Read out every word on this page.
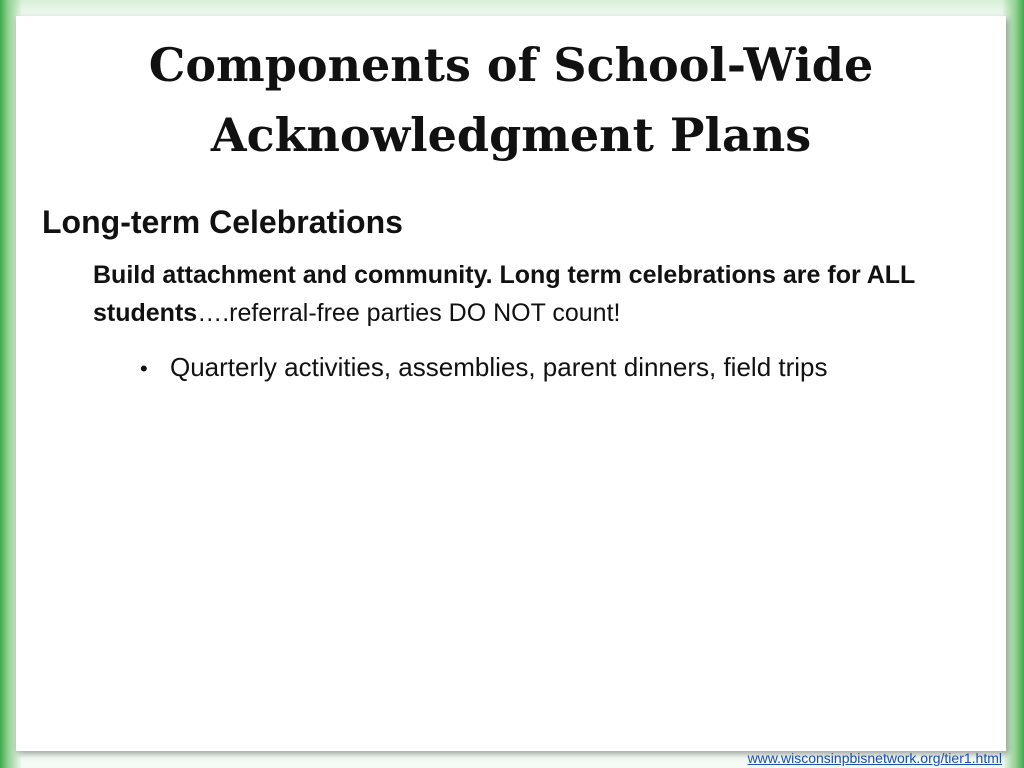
Components of School-Wide Acknowledgment Plans
Long-term Celebrations

Build attachment and community. Long term celebrations are for ALL students….referral-free parties DO NOT count!

• Quarterly activities, assemblies, parent dinners, field trips
www.wisconsinpbisnetwork.org/tier1.html
